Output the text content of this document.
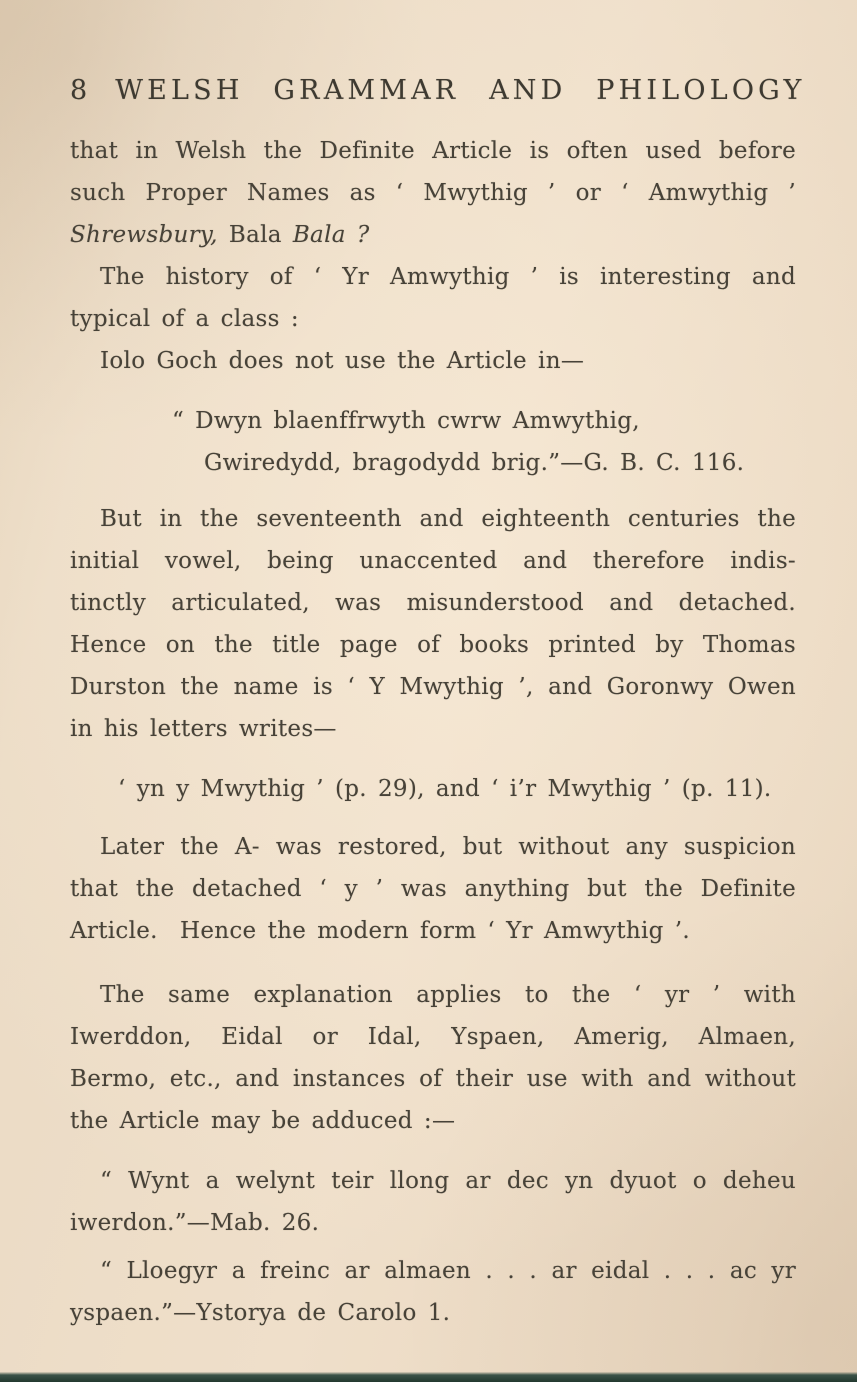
8 WELSH GRAMMAR AND PHILOLOGY
that in Welsh the Definite Article is often used before
such Proper Names as ‘ Mwythig ’ or ‘ Amwythig ’
Shrewsbury, Bala Bala ?
The history of ‘ Yr Amwythig ’ is interesting and
typical of a class :
Iolo Goch does not use the Article in—
“ Dwyn blaenffrwyth cwrw Amwythig,
Gwiredydd, bragodydd brig.”—G. B. C. 116.
But in the seventeenth and eighteenth centuries the
initial vowel, being unaccented and therefore indis-
tinctly articulated, was misunderstood and detached.
Hence on the title page of books printed by Thomas
Durston the name is ‘ Y Mwythig ’, and Goronwy Owen
in his letters writes—
‘ yn y Mwythig ’ (p. 29), and ‘ i’r Mwythig ’ (p. 11).
Later the A- was restored, but without any suspicion
that the detached ‘ y ’ was anything but the Definite
Article.  Hence the modern form ‘ Yr Amwythig ’.
The same explanation applies to the ‘ yr ’ with
Iwerddon, Eidal or Idal, Yspaen, Amerig, Almaen,
Bermo, etc., and instances of their use with and without
the Article may be adduced :—
“ Wynt a welynt teir llong ar dec yn dyuot o deheu
iwerdon.”—Mab. 26.
“ Lloegyr a freinc ar almaen . . . ar eidal . . . ac yr
yspaen.”—Ystorya de Carolo 1.
